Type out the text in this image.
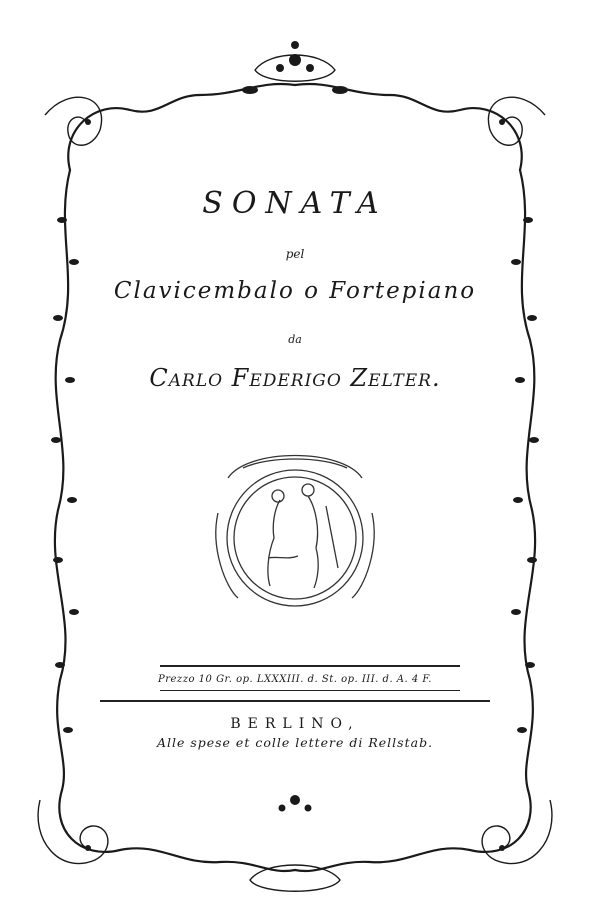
SONATA
pel
Clavicembalo o Fortepiano
da
Carlo Federigo Zelter.
Prezzo 10 Gr. op. LXXXIII. d. St. op. III. d. A. 4 F.
BERLINO,
Alle spese et colle lettere di Rellstab.
